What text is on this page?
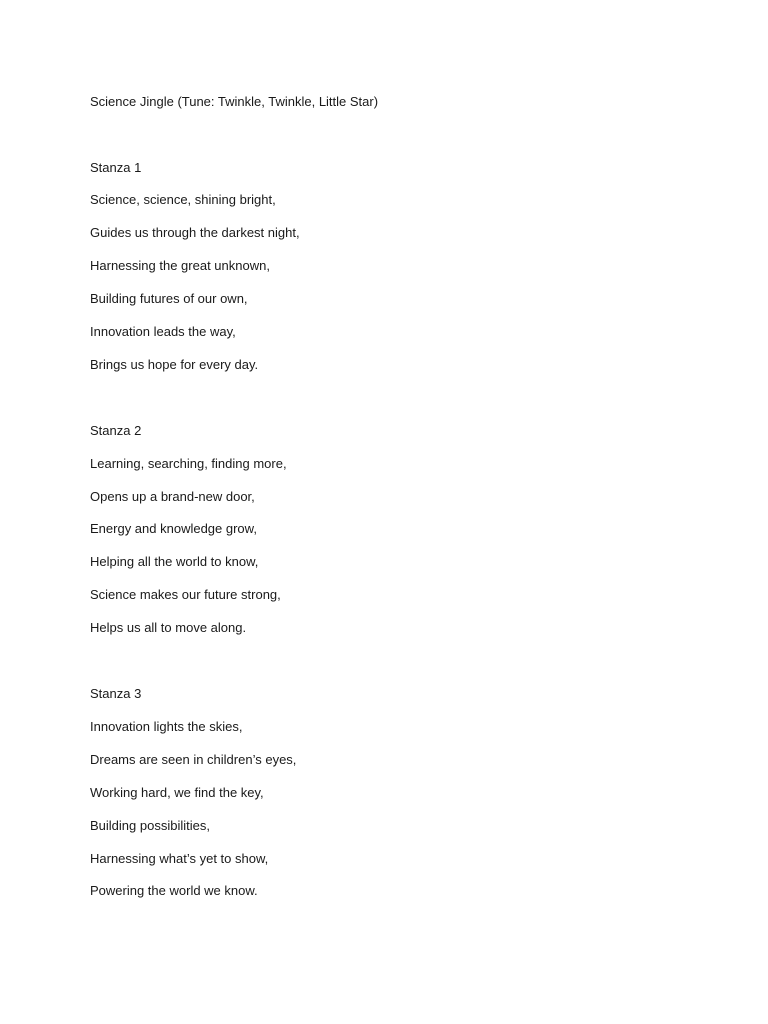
Science Jingle (Tune: Twinkle, Twinkle, Little Star)
Stanza 1
Science, science, shining bright,
Guides us through the darkest night,
Harnessing the great unknown,
Building futures of our own,
Innovation leads the way,
Brings us hope for every day.
Stanza 2
Learning, searching, finding more,
Opens up a brand-new door,
Energy and knowledge grow,
Helping all the world to know,
Science makes our future strong,
Helps us all to move along.
Stanza 3
Innovation lights the skies,
Dreams are seen in children’s eyes,
Working hard, we find the key,
Building possibilities,
Harnessing what’s yet to show,
Powering the world we know.
